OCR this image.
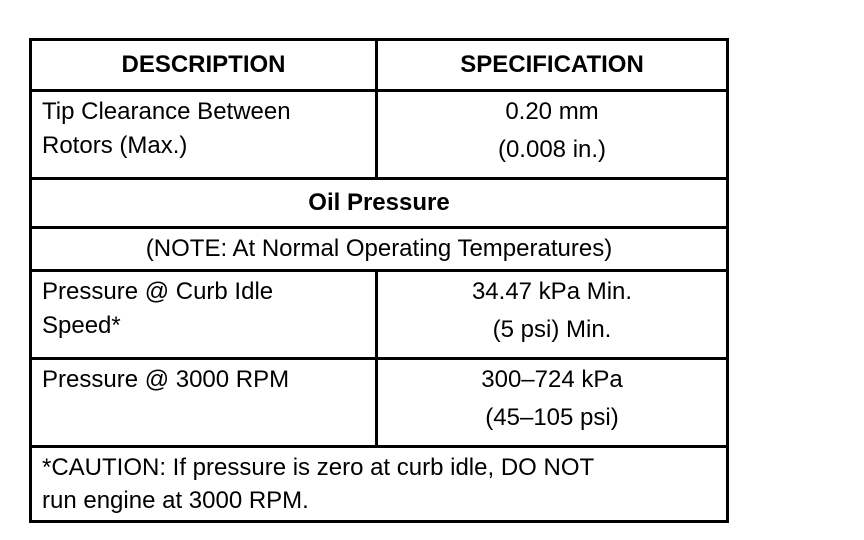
DESCRIPTION	SPECIFICATION
Tip Clearance Between
Rotors (Max.)	0.20 mm
(0.008 in.)

Oil Pressure	
(NOTE: At Normal Operating Temperatures)	
Pressure @ Curb Idle
Speed*	34.47 kPa Min.
(5 psi) Min.

Pressure @ 3000 RPM	300–724 kPa
(45–105 psi)

*CAUTION: If pressure is zero at curb idle, DO NOT
run engine at 3000 RPM.	
